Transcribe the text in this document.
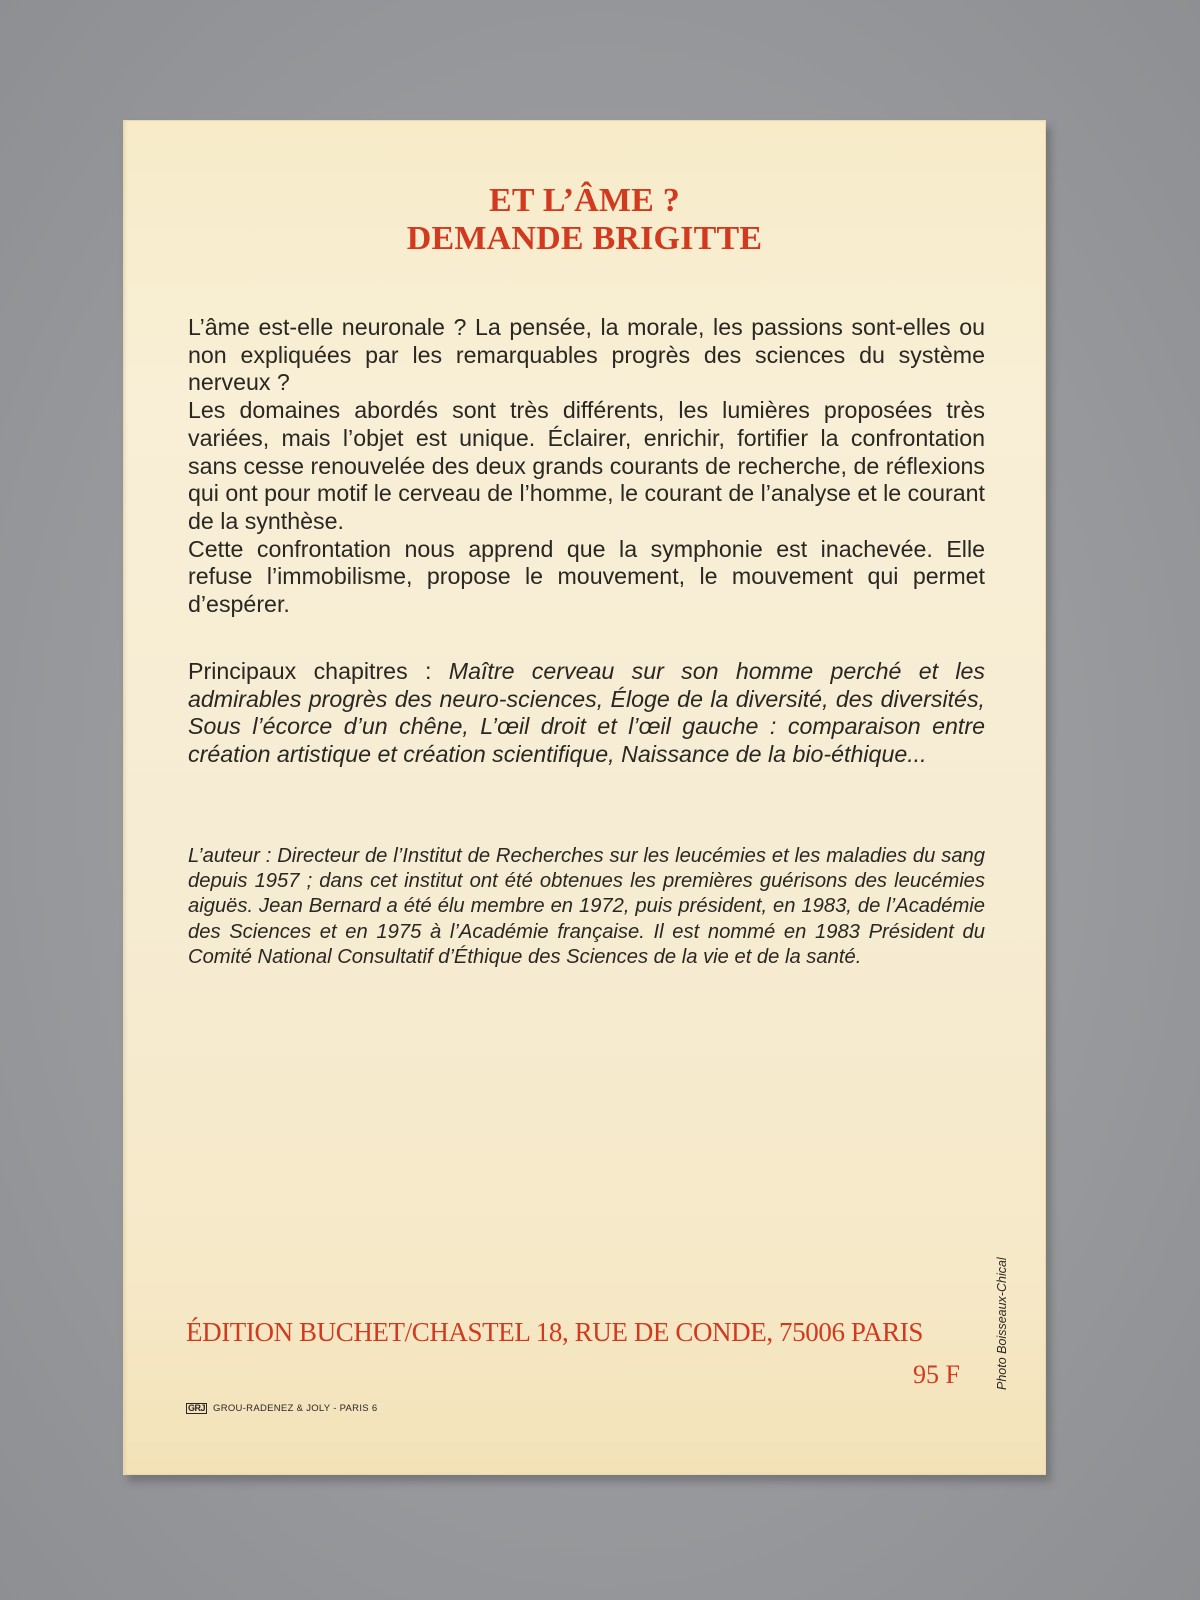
ET L’ÂME ?
DEMANDE BRIGITTE

L’âme est-elle neuronale ? La pensée, la morale, les passions sont-elles ou non expliquées par les remarquables progrès des sciences du système nerveux ?

Les domaines abordés sont très différents, les lumières proposées très variées, mais l’objet est unique. Éclairer, enrichir, fortifier la confrontation sans cesse renouvelée des deux grands courants de recherche, de réflexions qui ont pour motif le cerveau de l’homme, le courant de l’analyse et le courant de la synthèse.

Cette confrontation nous apprend que la symphonie est inachevée. Elle refuse l’immobilisme, propose le mouvement, le mouvement qui permet d’espérer.

Principaux chapitres : Maître cerveau sur son homme perché et les admirables progrès des neuro-sciences, Éloge de la diversité, des diversités, Sous l’écorce d’un chêne, L’œil droit et l’œil gauche : comparaison entre création artistique et création scientifique, Naissance de la bio-éthique...
L’auteur : Directeur de l’Institut de Recherches sur les leucémies et les maladies du sang depuis 1957 ; dans cet institut ont été obtenues les premières guérisons des leucémies aiguës. Jean Bernard a été élu membre en 1972, puis président, en 1983, de l’Académie des Sciences et en 1975 à l’Académie française. Il est nommé en 1983 Président du Comité National Consultatif d’Éthique des Sciences de la vie et de la santé.
ÉDITION BUCHET/CHASTEL 18, RUE DE CONDE, 75006 PARIS
GRJ GROU-RADENEZ & JOLY - PARIS 6
95 F	Photo Boisseaux-Chical
